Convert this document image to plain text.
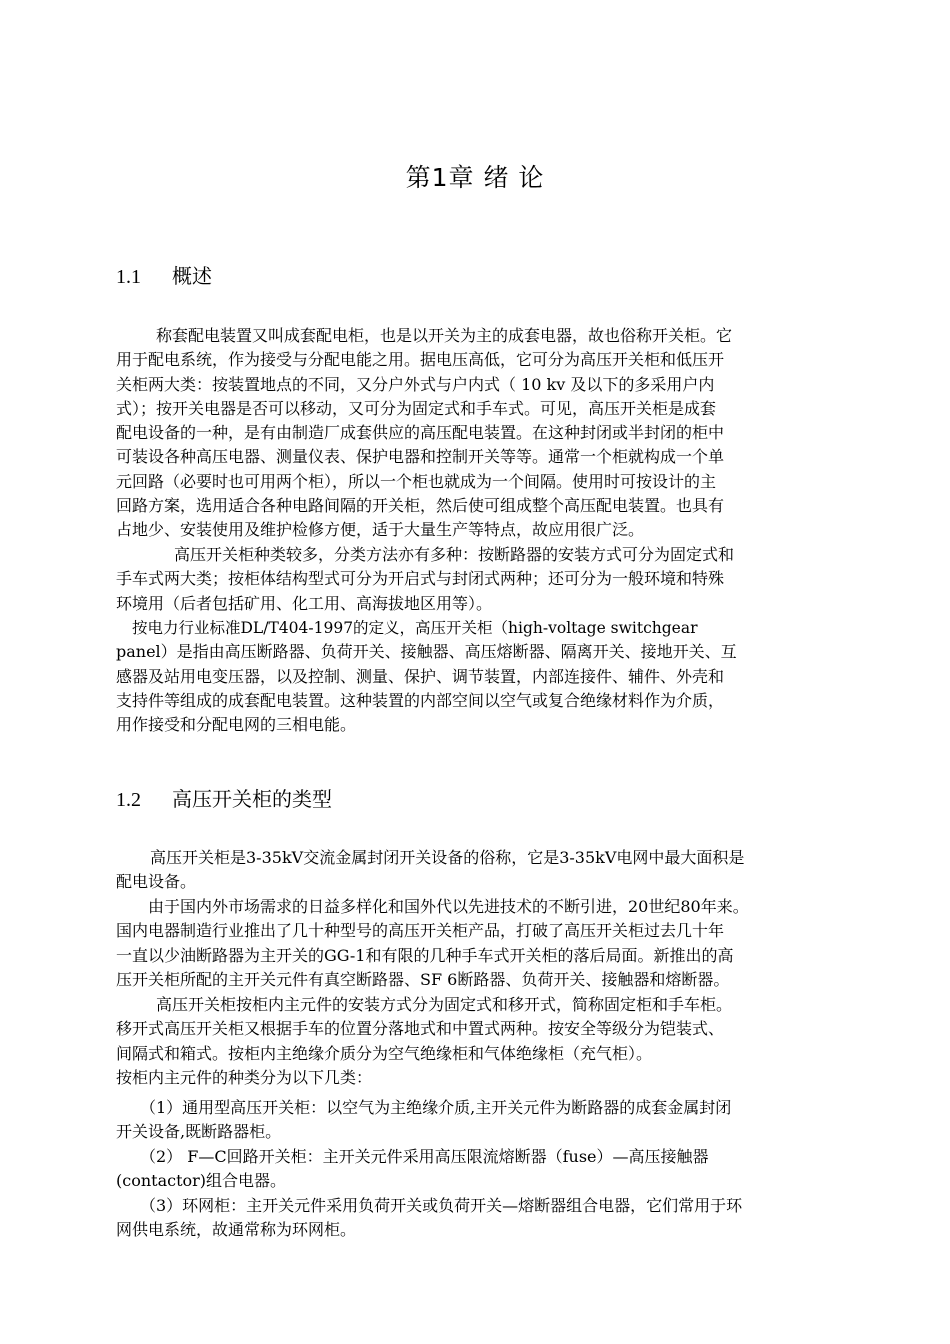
第1章 绪 论
1.1 概述
称套配电装置又叫成套配电柜，也是以开关为主的成套电器，故也俗称开关柜。它
用于配电系统，作为接受与分配电能之用。据电压高低，它可分为高压开关柜和低压开
关柜两大类：按装置地点的不同，又分户外式与户内式（ 10 kv 及以下的多采用户内
式）；按开关电器是否可以移动，又可分为固定式和手车式。可见，高压开关柜是成套
配电设备的一种，是有由制造厂成套供应的高压配电装置。在这种封闭或半封闭的柜中
可装设各种高压电器、测量仪表、保护电器和控制开关等等。通常一个柜就构成一个单
元回路（必要时也可用两个柜），所以一个柜也就成为一个间隔。使用时可按设计的主
回路方案，选用适合各种电路间隔的开关柜，然后使可组成整个高压配电装置。也具有
占地少、安装使用及维护检修方便，适于大量生产等特点，故应用很广泛。
高压开关柜种类较多，分类方法亦有多种：按断路器的安装方式可分为固定式和
手车式两大类；按柜体结构型式可分为开启式与封闭式两种；还可分为一般环境和特殊
环境用（后者包括矿用、化工用、高海拔地区用等）。
按电力行业标准DL/T404-1997的定义，高压开关柜（high-voltage switchgear
panel）是指由高压断路器、负荷开关、接触器、高压熔断器、隔离开关、接地开关、互
感器及站用电变压器，以及控制、测量、保护、调节装置，内部连接件、辅件、外壳和
支持件等组成的成套配电装置。这种装置的内部空间以空气或复合绝缘材料作为介质，
用作接受和分配电网的三相电能。
1.2 高压开关柜的类型
高压开关柜是3-35kV交流金属封闭开关设备的俗称，它是3-35kV电网中最大面积是
配电设备。
由于国内外市场需求的日益多样化和国外代以先进技术的不断引进，20世纪80年来。
国内电器制造行业推出了几十种型号的高压开关柜产品，打破了高压开关柜过去几十年
一直以少油断路器为主开关的GG-1和有限的几种手车式开关柜的落后局面。新推出的高
压开关柜所配的主开关元件有真空断路器、SF 6断路器、负荷开关、接触器和熔断器。
高压开关柜按柜内主元件的安装方式分为固定式和移开式，简称固定柜和手车柜。
移开式高压开关柜又根据手车的位置分落地式和中置式两种。按安全等级分为铠装式、
间隔式和箱式。按柜内主绝缘介质分为空气绝缘柜和气体绝缘柜（充气柜）。
按柜内主元件的种类分为以下几类：
（1）通用型高压开关柜：以空气为主绝缘介质,主开关元件为断路器的成套金属封闭
开关设备,既断路器柜。
（2） F—C回路开关柜：主开关元件采用高压限流熔断器（fuse）—高压接触器
(contactor)组合电器。
（3）环网柜：主开关元件采用负荷开关或负荷开关—熔断器组合电器，它们常用于环
网供电系统，故通常称为环网柜。
